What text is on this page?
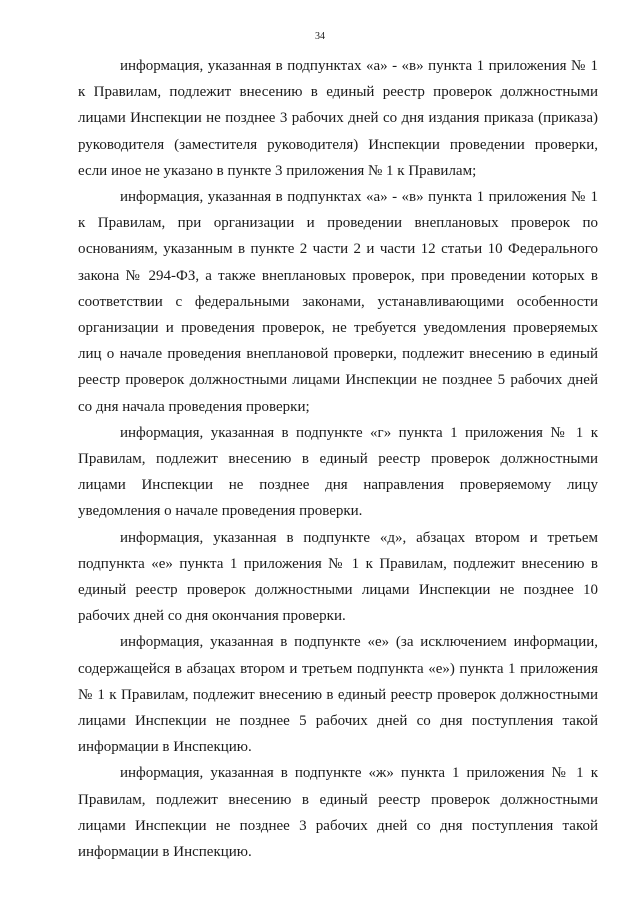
34

информация, указанная в подпунктах «а» - «в» пункта 1 приложения № 1 к Правилам, подлежит внесению в единый реестр проверок должностными лицами Инспекции не позднее 3 рабочих дней со дня издания приказа (приказа) руководителя (заместителя руководителя) Инспекции проведении проверки, если иное не указано в пункте 3 приложения № 1 к Правилам;

информация, указанная в подпунктах «а» - «в» пункта 1 приложения № 1 к Правилам, при организации и проведении внеплановых проверок по основаниям, указанным в пункте 2 части 2 и части 12 статьи 10 Федерального закона № 294-ФЗ, а также внеплановых проверок, при проведении которых в соответствии с федеральными законами, устанавливающими особенности организации и проведения проверок, не требуется уведомления проверяемых лиц о начале проведения внеплановой проверки, подлежит внесению в единый реестр проверок должностными лицами Инспекции не позднее 5 рабочих дней со дня начала проведения проверки;

информация, указанная в подпункте «г» пункта 1 приложения № 1 к Правилам, подлежит внесению в единый реестр проверок должностными лицами Инспекции не позднее дня направления проверяемому лицу уведомления о начале проведения проверки.

информация, указанная в подпункте «д», абзацах втором и третьем подпункта «е» пункта 1 приложения № 1 к Правилам, подлежит внесению в единый реестр проверок должностными лицами Инспекции не позднее 10 рабочих дней со дня окончания проверки.

информация, указанная в подпункте «е» (за исключением информации, содержащейся в абзацах втором и третьем подпункта «е») пункта 1 приложения № 1 к Правилам, подлежит внесению в единый реестр проверок должностными лицами Инспекции не позднее 5 рабочих дней со дня поступления такой информации в Инспекцию.

информация, указанная в подпункте «ж» пункта 1 приложения № 1 к Правилам, подлежит внесению в единый реестр проверок должностными лицами Инспекции не позднее 3 рабочих дней со дня поступления такой информации в Инспекцию.
